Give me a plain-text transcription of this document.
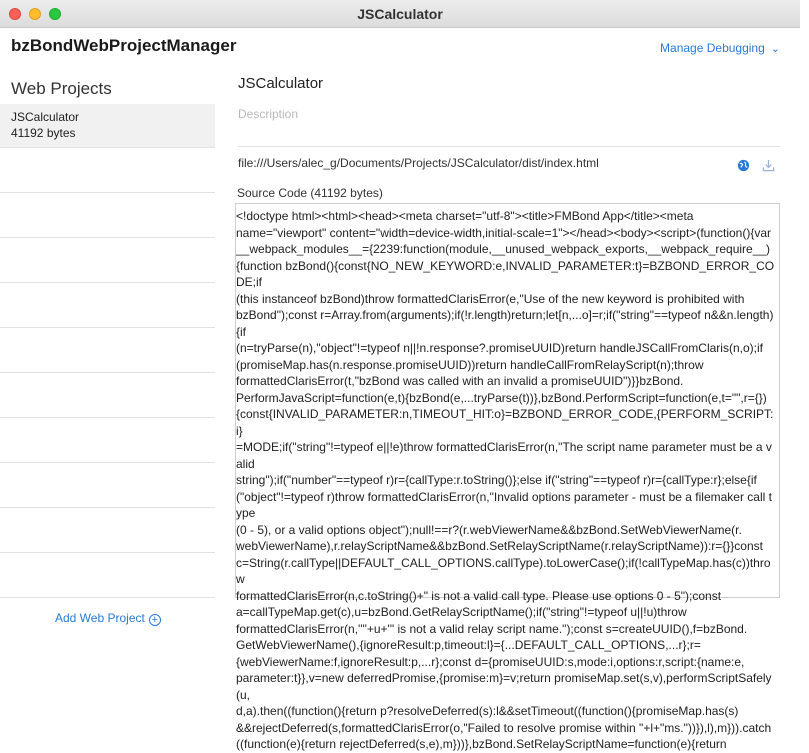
JSCalculator
bzBondWebProjectManager	Manage Debugging ⌄
Web Projects
JSCalculator
41192 bytes
Add Web Project +
JSCalculator
Description
file:///Users/alec_g/Documents/Projects/JSCalculator/dist/index.html
Source Code (41192 bytes)
<!doctype html><html><head><meta charset="utf-8"><title>FMBond App</title><meta
name="viewport" content="width=device-width,initial-scale=1"></head><body><script>(function(){var
__webpack_modules__={2239:function(module,__unused_webpack_exports,__webpack_require__)
{function bzBond(){const{NO_NEW_KEYWORD:e,INVALID_PARAMETER:t}=BZBOND_ERROR_CODE;if
(this instanceof bzBond)throw formattedClarisError(e,"Use of the new keyword is prohibited with
bzBond");const r=Array.from(arguments);if(!r.length)return;let[n,...o]=r;if("string"==typeof n&&n.length){if
(n=tryParse(n),"object"!=typeof n||!n.response?.promiseUUID)return handleJSCallFromClaris(n,o);if
(promiseMap.has(n.response.promiseUUID))return handleCallFromRelayScript(n);throw
formattedClarisError(t,"bzBond was called with an invalid a promiseUUID")}}bzBond.
PerformJavaScript=function(e,t){bzBond(e,...tryParse(t))},bzBond.PerformScript=function(e,t="",r={})
{const{INVALID_PARAMETER:n,TIMEOUT_HIT:o}=BZBOND_ERROR_CODE,{PERFORM_SCRIPT:i}
=MODE;if("string"!=typeof e||!e)throw formattedClarisError(n,"The script name parameter must be a valid
string");if("number"==typeof r)r={callType:r.toString()};else if("string"==typeof r)r={callType:r};else{if
("object"!=typeof r)throw formattedClarisError(n,"Invalid options parameter - must be a filemaker call type
(0 - 5), or a valid options object");null!==r?(r.webViewerName&&bzBond.SetWebViewerName(r.
webViewerName),r.relayScriptName&&bzBond.SetRelayScriptName(r.relayScriptName)):r={}}const
c=String(r.callType||DEFAULT_CALL_OPTIONS.callType).toLowerCase();if(!callTypeMap.has(c))throw
formattedClarisError(n,c.toString()+" is not a valid call type. Please use options 0 - 5");const
a=callTypeMap.get(c),u=bzBond.GetRelayScriptName();if("string"!=typeof u||!u)throw
formattedClarisError(n,'"'+u+'" is not a valid relay script name.");const s=createUUID(),f=bzBond.
GetWebViewerName(),{ignoreResult:p,timeout:l}={...DEFAULT_CALL_OPTIONS,...r};r=
{webViewerName:f,ignoreResult:p,...r};const d={promiseUUID:s,mode:i,options:r,script:{name:e,
parameter:t}},v=new deferredPromise,{promise:m}=v;return promiseMap.set(s,v),performScriptSafely(u,
d,a).then((function(){return p?resolveDeferred(s):l&&setTimeout((function(){promiseMap.has(s)
&&rejectDeferred(s,formattedClarisError(o,"Failed to resolve promise within "+l+"ms."))}),l),m})).catch
((function(e){return rejectDeferred(s,e),m}))},bzBond.SetRelayScriptName=function(e){return
